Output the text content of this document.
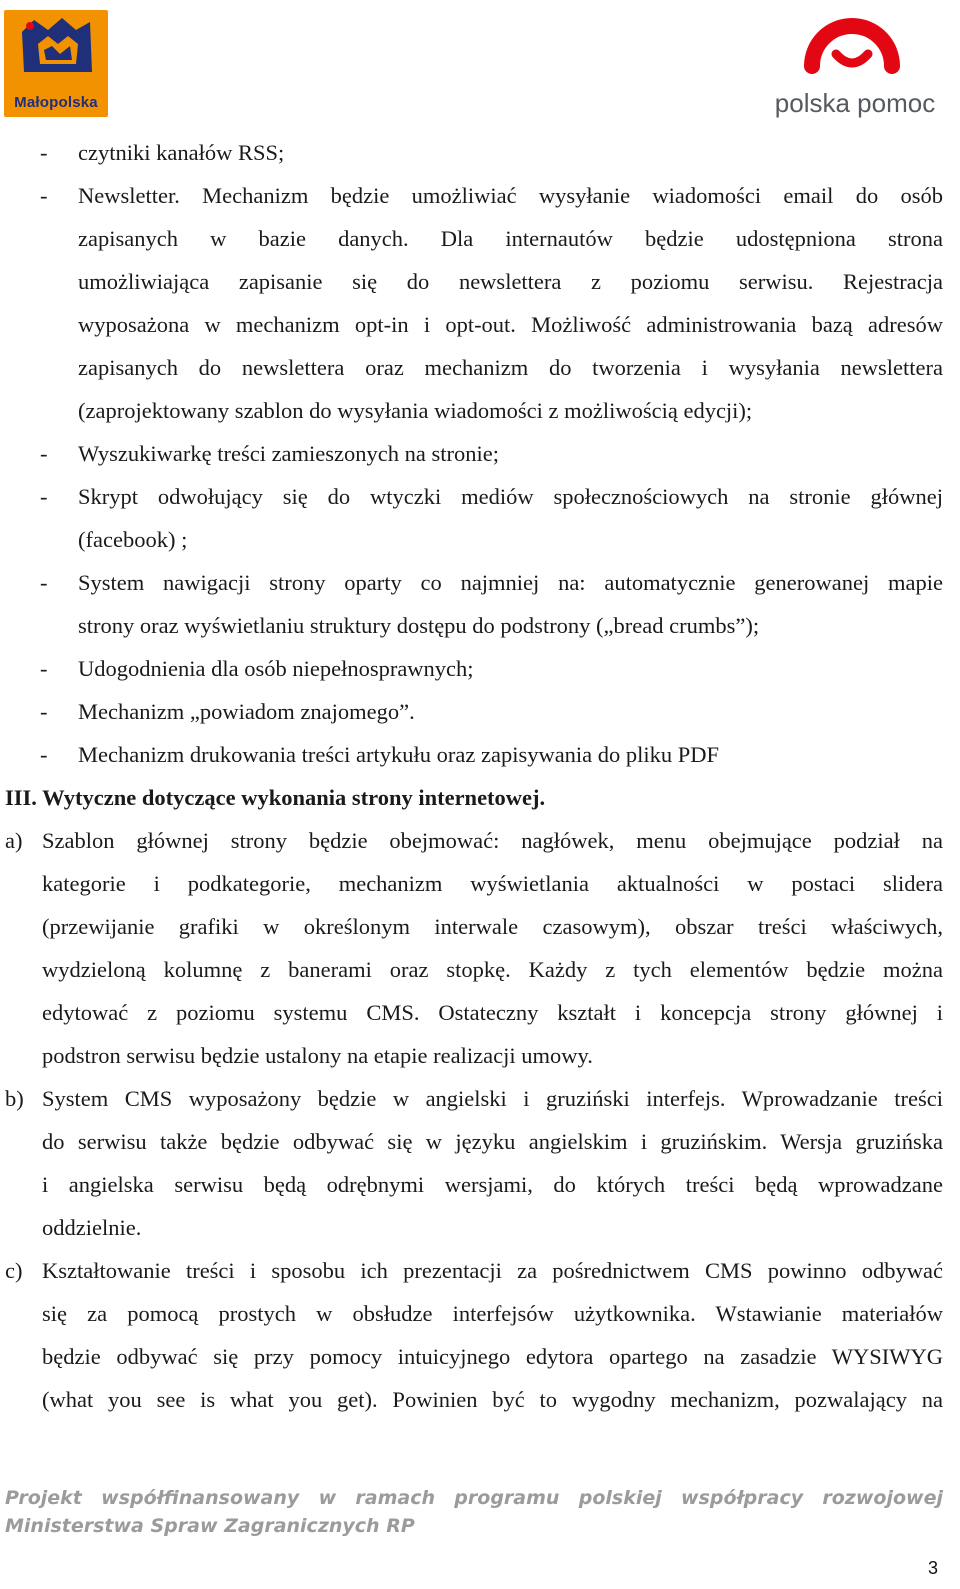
Małopolska	polska pomoc
- czytniki kanałów RSS;
- Newsletter. Mechanizm będzie umożliwiać wysyłanie wiadomości email do osób
zapisanych w bazie danych. Dla internautów będzie udostępniona strona
umożliwiająca zapisanie się do newslettera z poziomu serwisu. Rejestracja
wyposażona w mechanizm opt-in i opt-out. Możliwość administrowania bazą adresów
zapisanych do newslettera oraz mechanizm do tworzenia i wysyłania newslettera
(zaprojektowany szablon do wysyłania wiadomości z możliwością edycji);
- Wyszukiwarkę treści zamieszonych na stronie;
- Skrypt odwołujący się do wtyczki mediów społecznościowych na stronie głównej
(facebook) ;
- System nawigacji strony oparty co najmniej na: automatycznie generowanej mapie
strony oraz wyświetlaniu struktury dostępu do podstrony („bread crumbs”);
- Udogodnienia dla osób niepełnosprawnych;
- Mechanizm „powiadom znajomego”.
- Mechanizm drukowania treści artykułu oraz zapisywania do pliku PDF
III. Wytyczne dotyczące wykonania strony internetowej.
a) Szablon głównej strony będzie obejmować: nagłówek, menu obejmujące podział na
kategorie i podkategorie, mechanizm wyświetlania aktualności w postaci slidera
(przewijanie grafiki w określonym interwale czasowym), obszar treści właściwych,
wydzieloną kolumnę z banerami oraz stopkę. Każdy z tych elementów będzie można
edytować z poziomu systemu CMS. Ostateczny kształt i koncepcja strony głównej i
podstron serwisu będzie ustalony na etapie realizacji umowy.
b) System CMS wyposażony będzie w angielski i gruziński interfejs. Wprowadzanie treści
do serwisu także będzie odbywać się w języku angielskim i gruzińskim. Wersja gruzińska
i angielska serwisu będą odrębnymi wersjami, do których treści będą wprowadzane
oddzielnie.
c) Kształtowanie treści i sposobu ich prezentacji za pośrednictwem CMS powinno odbywać
się za pomocą prostych w obsłudze interfejsów użytkownika. Wstawianie materiałów
będzie odbywać się przy pomocy intuicyjnego edytora opartego na zasadzie WYSIWYG
(what you see is what you get). Powinien być to wygodny mechanizm, pozwalający na
Projekt współfinansowany w ramach programu polskiej współpracy rozwojowej
Ministerstwa Spraw Zagranicznych RP
3
